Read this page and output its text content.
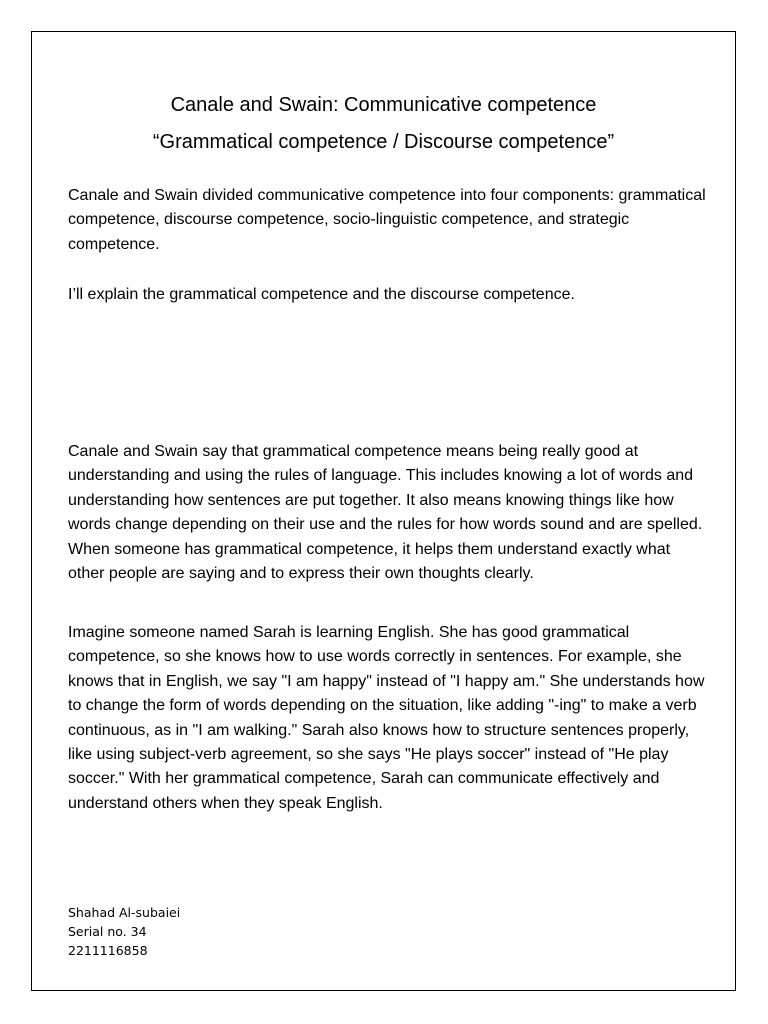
Canale and Swain: Communicative competence
“Grammatical competence / Discourse competence”

Canale and Swain divided communicative competence into four components: grammatical competence, discourse competence, socio-linguistic competence, and strategic competence.

I’ll explain the grammatical competence and the discourse competence.

Canale and Swain say that grammatical competence means being really good at understanding and using the rules of language. This includes knowing a lot of words and understanding how sentences are put together. It also means knowing things like how words change depending on their use and the rules for how words sound and are spelled. When someone has grammatical competence, it helps them understand exactly what other people are saying and to express their own thoughts clearly.

Imagine someone named Sarah is learning English. She has good grammatical competence, so she knows how to use words correctly in sentences. For example, she knows that in English, we say "I am happy" instead of "I happy am." She understands how to change the form of words depending on the situation, like adding "-ing" to make a verb continuous, as in "I am walking." Sarah also knows how to structure sentences properly, like using subject-verb agreement, so she says "He plays soccer" instead of "He play soccer." With her grammatical competence, Sarah can communicate effectively and understand others when they speak English.

Shahad Al-subaiei
Serial no. 34
2211116858
